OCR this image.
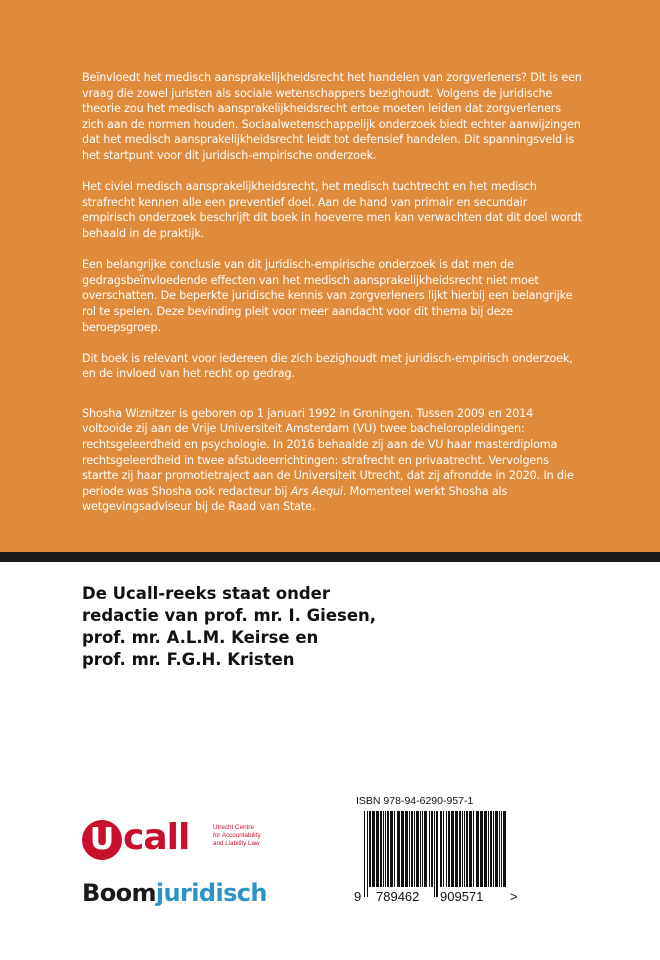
Beïnvloedt het medisch aansprakelijkheidsrecht het handelen van zorgverleners? Dit is een vraag die zowel juristen als sociale wetenschappers bezighoudt. Volgens de juridische theorie zou het medisch aansprakelijkheidsrecht ertoe moeten leiden dat zorgverleners zich aan de normen houden. Sociaalwetenschappelijk onderzoek biedt echter aanwijzingen dat het medisch aansprakelijkheidsrecht leidt tot defensief handelen. Dit spanningsveld is het startpunt voor dit juridisch-empirische onderzoek.

Het civiel medisch aansprakelijkheidsrecht, het medisch tuchtrecht en het medisch strafrecht kennen alle een preventief doel. Aan de hand van primair en secundair empirisch onderzoek beschrijft dit boek in hoeverre men kan verwachten dat dit doel wordt behaald in de praktijk.

Een belangrijke conclusie van dit juridisch-empirische onderzoek is dat men de gedragsbeïnvloedende effecten van het medisch aansprakelijkheidsrecht niet moet overschatten. De beperkte juridische kennis van zorgverleners lijkt hierbij een belangrijke rol te spelen. Deze bevinding pleit voor meer aandacht voor dit thema bij deze beroepsgroep.

Dit boek is relevant voor iedereen die zich bezighoudt met juridisch-empirisch onderzoek, en de invloed van het recht op gedrag.

Shosha Wiznitzer is geboren op 1 januari 1992 in Groningen. Tussen 2009 en 2014 voltooide zij aan de Vrije Universiteit Amsterdam (VU) twee bacheloropleidingen: rechtsgeleerdheid en psychologie. In 2016 behaalde zij aan de VU haar masterdiploma rechtsgeleerdheid in twee afstudeerrichtingen: strafrecht en privaatrecht. Vervolgens startte zij haar promotietraject aan de Universiteit Utrecht, dat zij afrondde in 2020. In die periode was Shosha ook redacteur bij Ars Aequi. Momenteel werkt Shosha als wetgevingsadviseur bij de Raad van State.

De Ucall-reeks staat onder
redactie van prof. mr. I. Giesen,
prof. mr. A.L.M. Keirse en
prof. mr. F.G.H. Kristen
U call	Utrecht Centre
for Accountability
and Liability Law
Boomjuridisch
ISBN 978-94-6290-957-1
9 789462 909571 >
